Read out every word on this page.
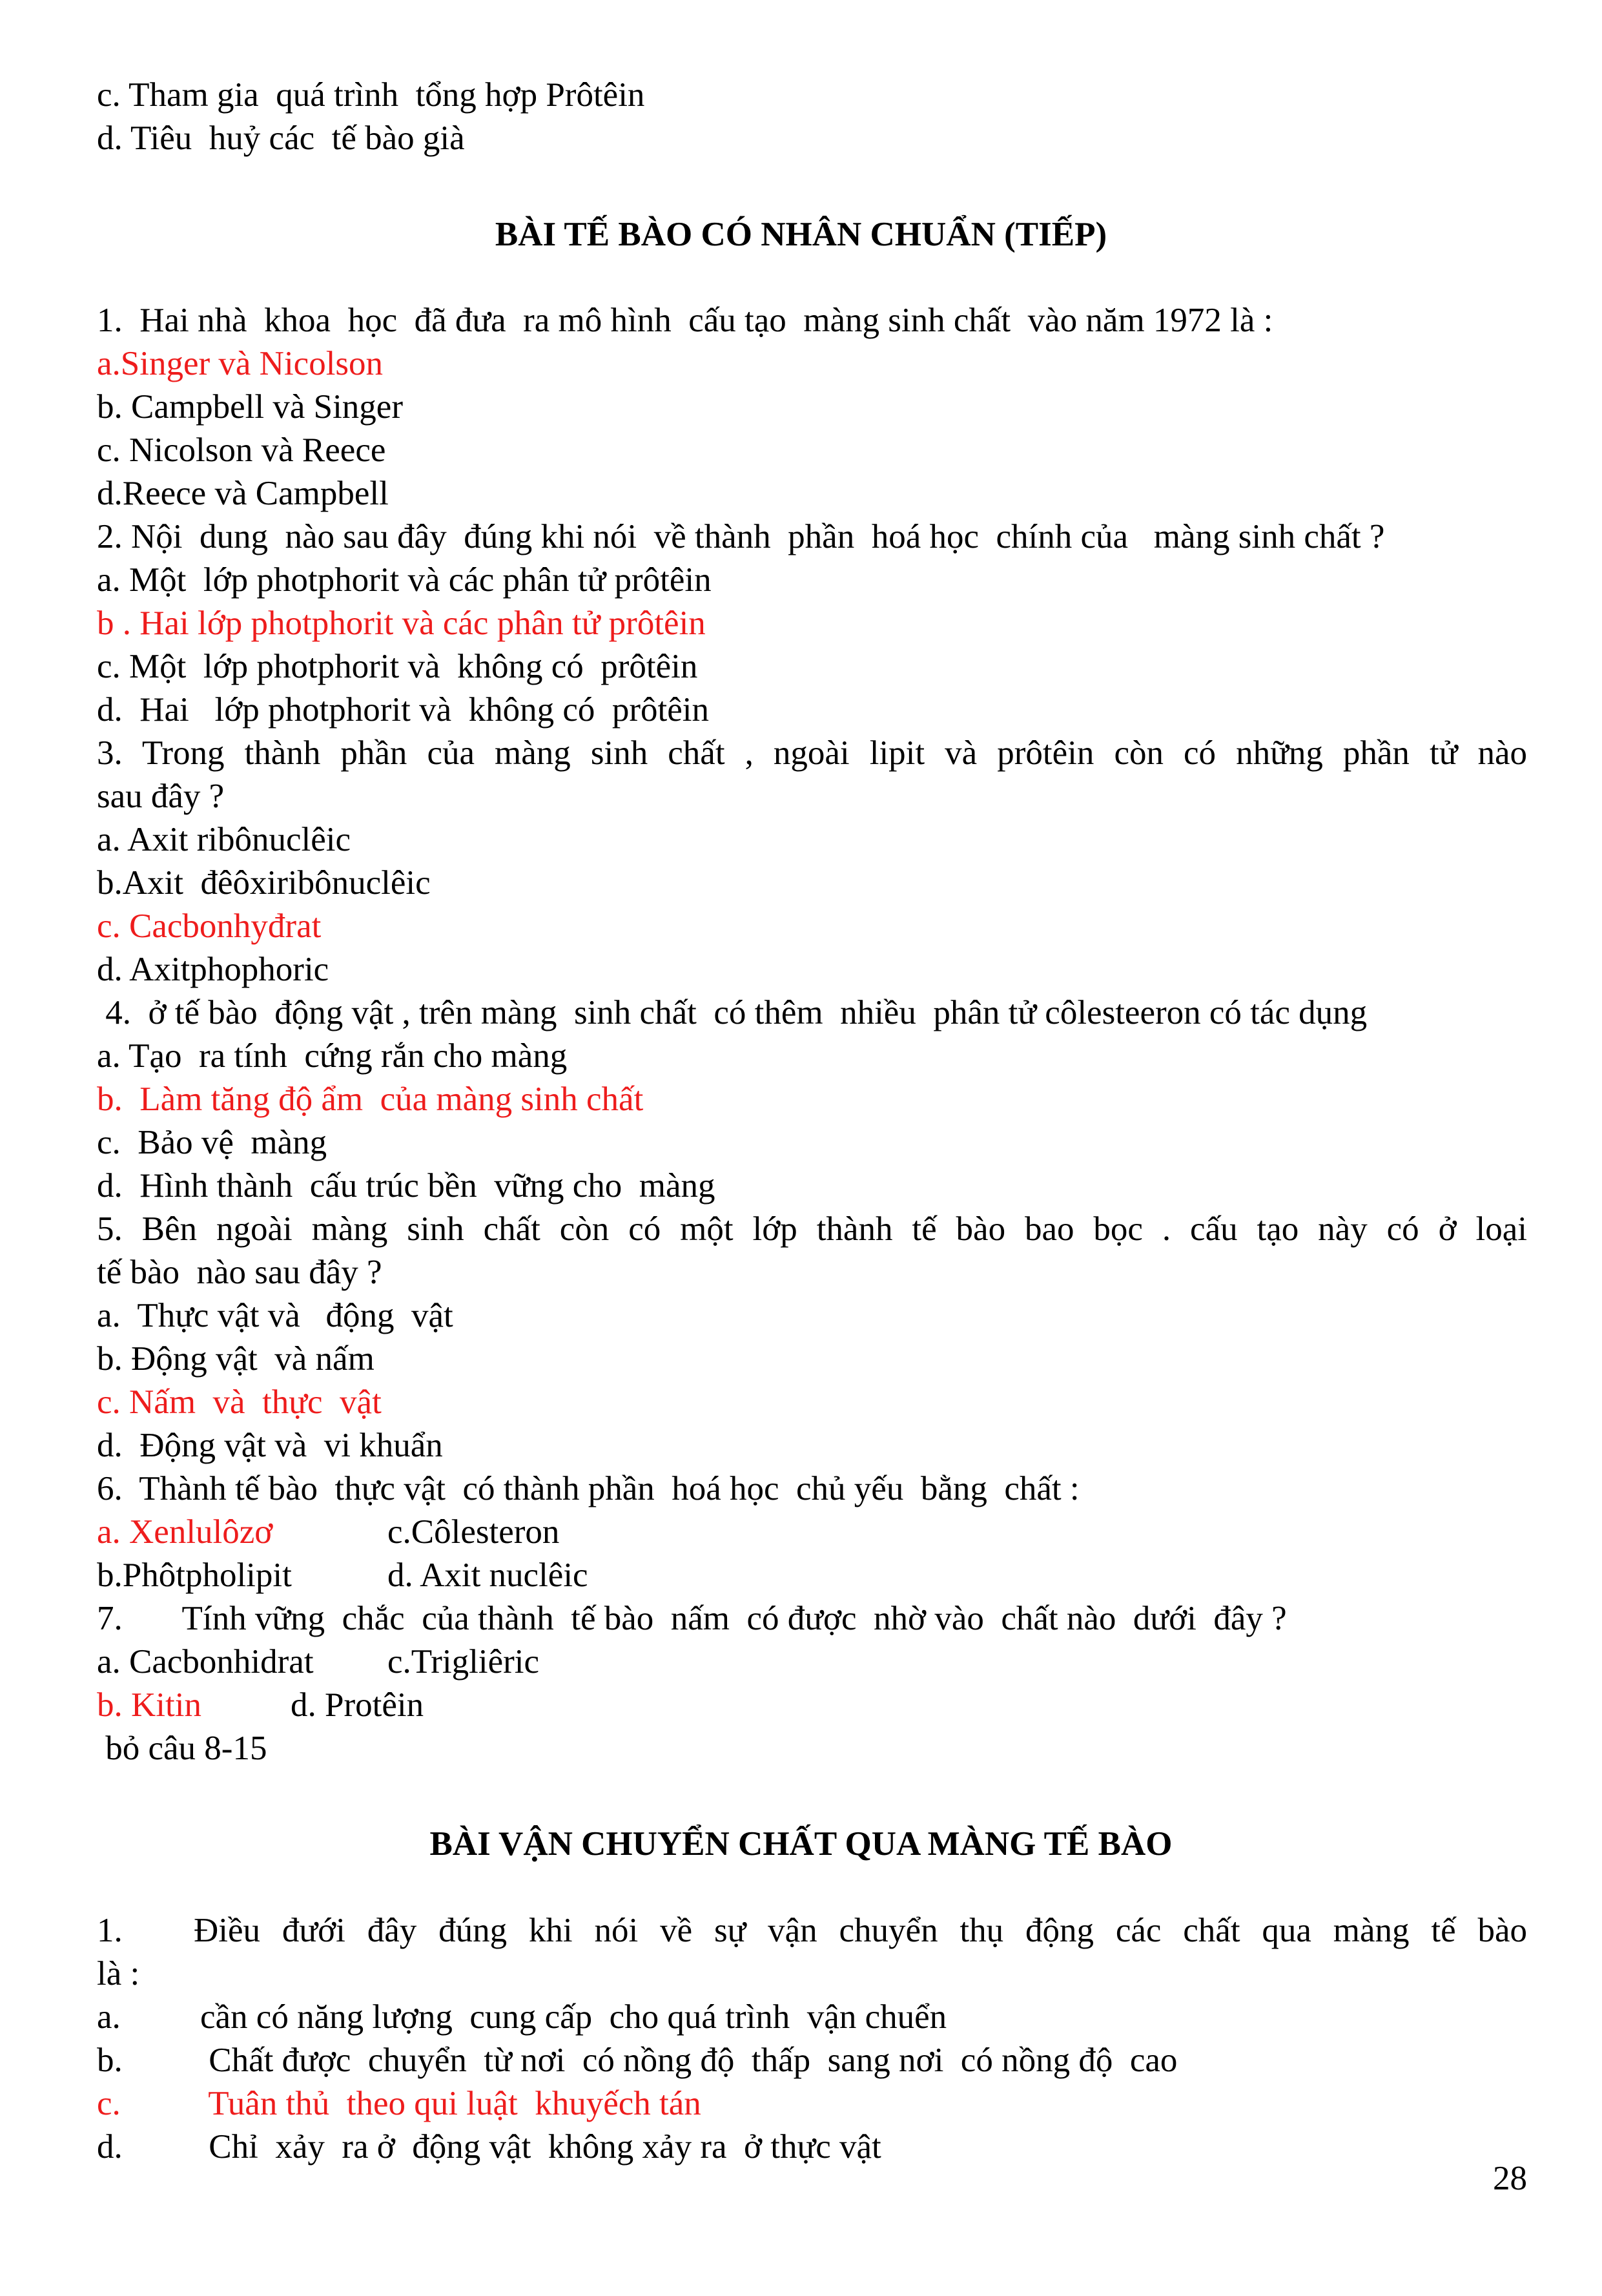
c. Tham gia  quá trình  tổng hợp Prôtêin
d. Tiêu  huỷ các  tế bào già
BÀI TẾ BÀO CÓ NHÂN CHUẨN (TIẾP)
1.  Hai nhà  khoa  học  đã đưa  ra mô hình  cấu tạo  màng sinh chất  vào năm 1972 là :
a.Singer và Nicolson
b. Campbell và Singer
c. Nicolson và Reece
d.Reece và Campbell
2. Nội  dung  nào sau đây  đúng khi nói  về thành  phần  hoá học  chính của   màng sinh chất ?
a. Một  lớp photphorit và các phân tử prôtêin
b . Hai lớp photphorit và các phân tử prôtêin
c. Một  lớp photphorit và  không có  prôtêin
d.  Hai   lớp photphorit và  không có  prôtêin
3. Trong thành phần của màng sinh chất , ngoài lipit và prôtêin còn có những phần tử nào
sau đây ?
a. Axit ribônuclêic
b.Axit  đêôxiribônuclêic
c. Cacbonhyđrat
d. Axitphophoric
4.  ở tế bào  động vật , trên màng  sinh chất  có thêm  nhiều  phân tử côlesteeron có tác dụng
a. Tạo  ra tính  cứng rắn cho màng
b.  Làm tăng độ ẩm  của màng sinh chất
c.  Bảo vệ  màng
d.  Hình thành  cấu trúc bền  vững cho  màng
5. Bên ngoài màng sinh chất còn có một lớp thành tế bào bao bọc . cấu tạo này có ở loại
tế bào  nào sau đây ?
a.  Thực vật và   động  vật
b. Động vật  và nấm
c. Nấm  và  thực  vật
d.  Động vật và  vi khuẩn
6.  Thành tế bào  thực vật  có thành phần  hoá học  chủ yếu  bằng  chất :
a. Xenlulôzơ	c.Côlesteron
b.Phôtpholipit	d. Axit nuclêic
7.       Tính vững  chắc  của thành  tế bào  nấm  có được  nhờ vào  chất nào  dưới  đây ?
a. Cacbonhidrat c.Trigliêric
b. Kitin	d. Protêin
bỏ câu 8-15
BÀI VẬN CHUYỂN CHẤT QUA MÀNG TẾ BÀO
1. Điều đưới đây đúng khi nói về sự vận chuyển thụ động các chất qua màng tế bào
là :

a.

cần có năng lượng  cung cấp  cho quá trình  vận chuển

b.

Chất được  chuyển  từ nơi  có nồng độ  thấp  sang nơi  có nồng độ  cao

c.

Tuân thủ  theo qui luật  khuyếch tán

d.

Chỉ  xảy  ra ở  động vật  không xảy ra  ở thực vật

28
